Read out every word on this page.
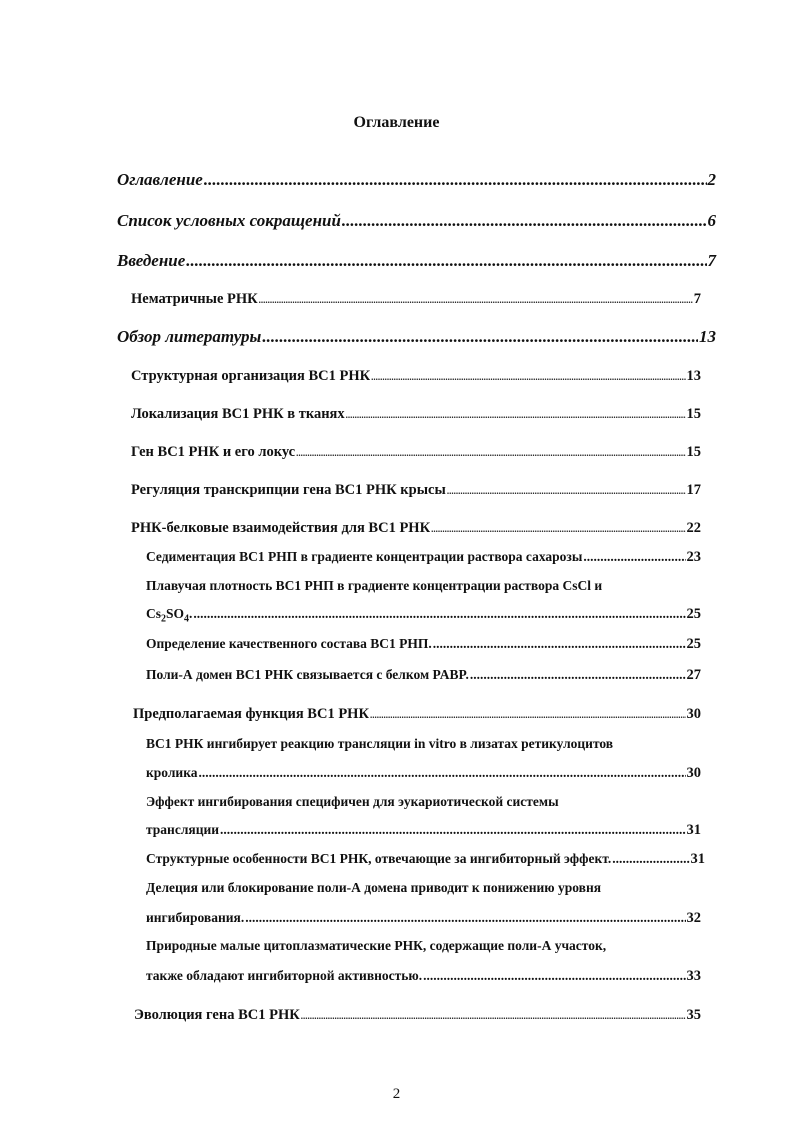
Оглавление
Оглавление .....	2
Список условных сокращений .....	6
Введение .....	7
Нематричные РНК .....	7
Обзор литературы .....	13
Структурная организация ВС1 РНК .....	13
Локализация ВС1 РНК в тканях .....	15
Ген ВС1 РНК и его локус .....	15
Регуляция транскрипции гена ВС1 РНК крысы .....	17
РНК-белковые взаимодействия для ВС1 РНК .....	22
Седиментация ВС1 РНП в градиенте концентрации раствора сахарозы .....	23
Плавучая плотность ВС1 РНП в градиенте концентрации раствора CsCl и
$Cs_2SO_4$. .....	25
Определение качественного состава ВС1 РНП. .....	25
Поли-А домен ВС1 РНК связывается с белком PABP. .....	27
Предполагаемая функция ВС1 РНК .....	30
ВС1 РНК ингибирует реакцию трансляции in vitro в лизатах ретикулоцитов
кролика .....	30
Эффект ингибирования специфичен для эукариотической системы
трансляции .....	31
Структурные особенности ВС1 РНК, отвечающие за ингибиторный эффект. .....	31
Делеция или блокирование поли-А домена приводит к понижению уровня
ингибирования. .....	32
Природные малые цитоплазматические РНК, содержащие поли-А участок,
также обладают ингибиторной активностью. .....	33
Эволюция гена ВС1 РНК .....	35
2
